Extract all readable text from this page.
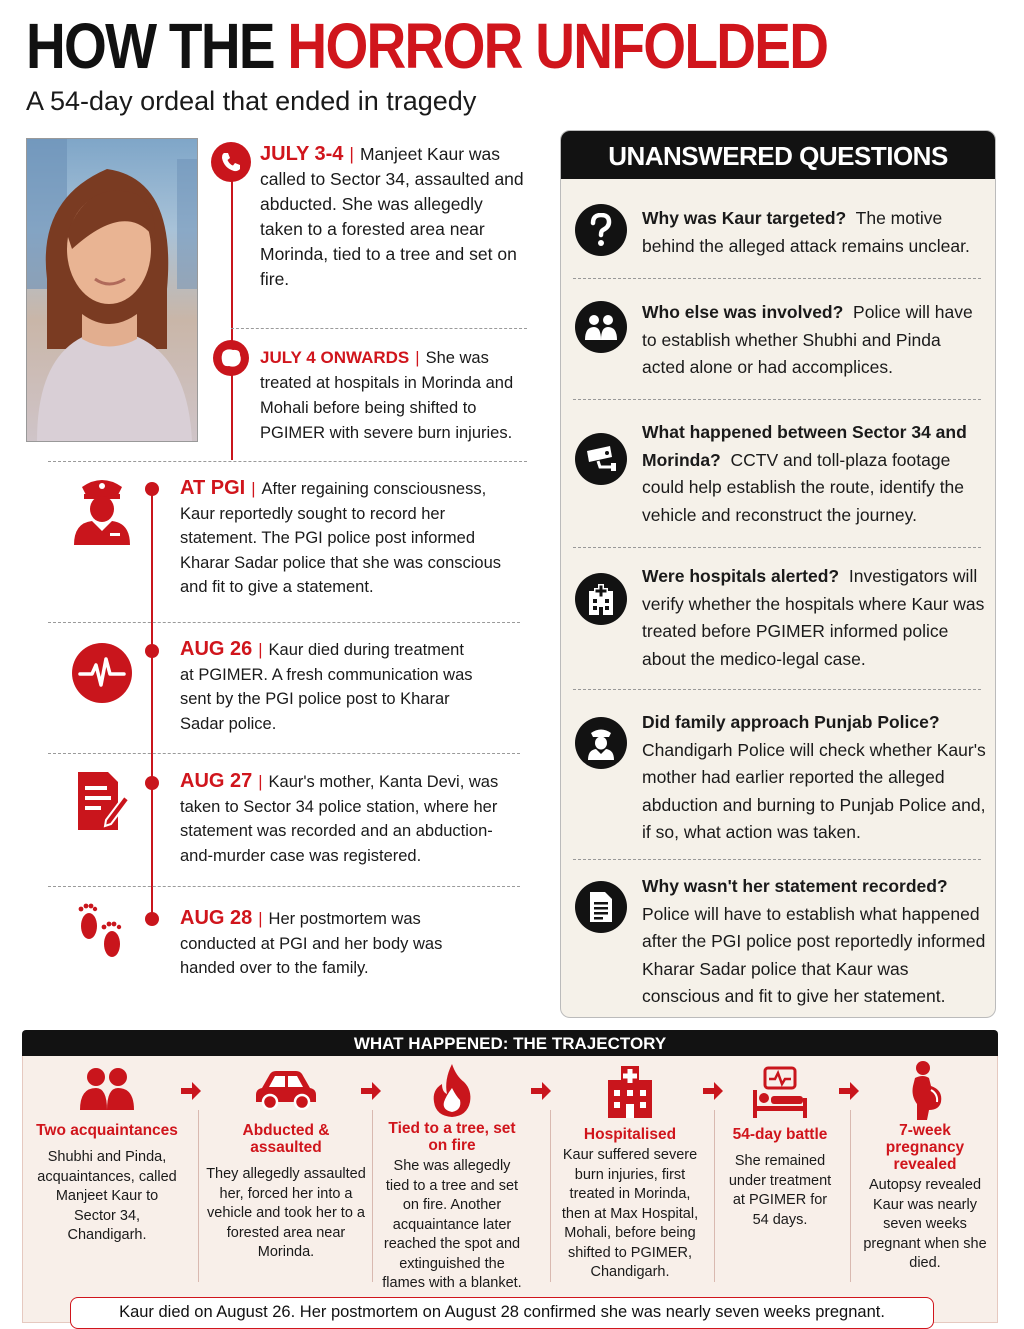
HOW THE HORROR UNFOLDED
A 54-day ordeal that ended in tragedy
JULY 3-4 | Manjeet Kaur was called to Sector 34, assaulted and abducted. She was allegedly taken to a forested area near Morinda, tied to a tree and set on fire.
JULY 4 ONWARDS | She was treated at hospitals in Morinda and Mohali before being shifted to PGIMER with severe burn injuries.
AT PGI | After regaining consciousness, Kaur reportedly sought to record her statement. The PGI police post informed Kharar Sadar police that she was conscious and fit to give a statement.
AUG 26 | Kaur died during treatment at PGIMER. A fresh communication was sent by the PGI police post to Kharar Sadar police.
AUG 27 | Kaur's mother, Kanta Devi, was taken to Sector 34 police station, where her statement was recorded and an abduction-and-murder case was registered.
AUG 28 | Her postmortem was conducted at PGI and her body was handed over to the family.
UNANSWERED QUESTIONS
Why was Kaur targeted? The motive behind the alleged attack remains unclear.
Who else was involved? Police will have to establish whether Shubhi and Pinda acted alone or had accomplices.
What happened between Sector 34 and Morinda? CCTV and toll-plaza footage could help establish the route, identify the vehicle and reconstruct the journey.
Were hospitals alerted? Investigators will verify whether the hospitals where Kaur was treated before PGIMER informed police about the medico-legal case.
Did family approach Punjab Police?
Chandigarh Police will check whether Kaur's mother had earlier reported the alleged abduction and burning to Punjab Police and, if so, what action was taken.
Why wasn't her statement recorded?
Police will have to establish what happened after the PGI police post reportedly informed Kharar Sadar police that Kaur was conscious and fit to give her statement.
WHAT HAPPENED: THE TRAJECTORY
Two acquaintances
Shubhi and Pinda, acquaintances, called Manjeet Kaur to Sector 34, Chandigarh.
Abducted & assaulted
They allegedly assaulted her, forced her into a vehicle and took her to a forested area near Morinda.
Tied to a tree, set on fire
She was allegedly tied to a tree and set on fire. Another acquaintance later reached the spot and extinguished the flames with a blanket.
Hospitalised
Kaur suffered severe burn injuries, first treated in Morinda, then at Max Hospital, Mohali, before being shifted to PGIMER, Chandigarh.
54-day battle
She remained under treatment at PGIMER for 54 days.
7-week pregnancy revealed
Autopsy revealed Kaur was nearly seven weeks pregnant when she died.
Kaur died on August 26. Her postmortem on August 28 confirmed she was nearly seven weeks pregnant.
